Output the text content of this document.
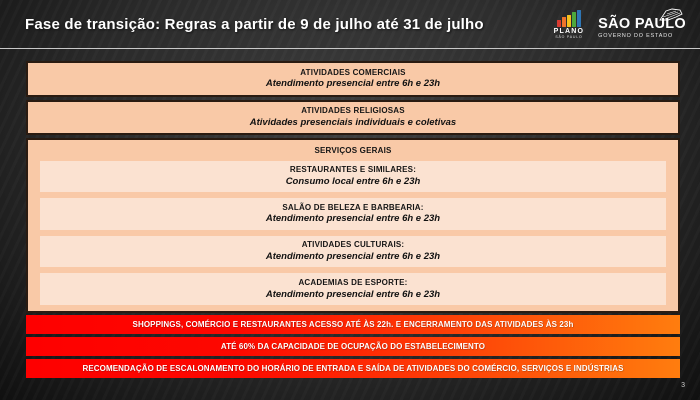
Fase de transição: Regras a partir de 9 de julho até 31 de julho	PLANO
SÃO PAULO
SÃO PAULO
GOVERNO DO ESTADO
ATIVIDADES COMERCIAIS
Atendimento presencial entre 6h e 23h
ATIVIDADES RELIGIOSAS
Atividades presenciais individuais e coletivas
SERVIÇOS GERAIS
RESTAURANTES E SIMILARES:
Consumo local entre 6h e 23h
SALÃO DE BELEZA E BARBEARIA:
Atendimento presencial entre 6h e 23h
ATIVIDADES CULTURAIS:
Atendimento presencial entre 6h e 23h
ACADEMIAS DE ESPORTE:
Atendimento presencial entre 6h e 23h
SHOPPINGS, COMÉRCIO E RESTAURANTES ACESSO ATÉ ÀS 22h. E ENCERRAMENTO DAS ATIVIDADES ÀS 23h
ATÉ 60% DA CAPACIDADE DE OCUPAÇÃO DO ESTABELECIMENTO
RECOMENDAÇÃO DE ESCALONAMENTO DO HORÁRIO DE ENTRADA E SAÍDA DE ATIVIDADES DO COMÉRCIO, SERVIÇOS E INDÚSTRIAS
3
